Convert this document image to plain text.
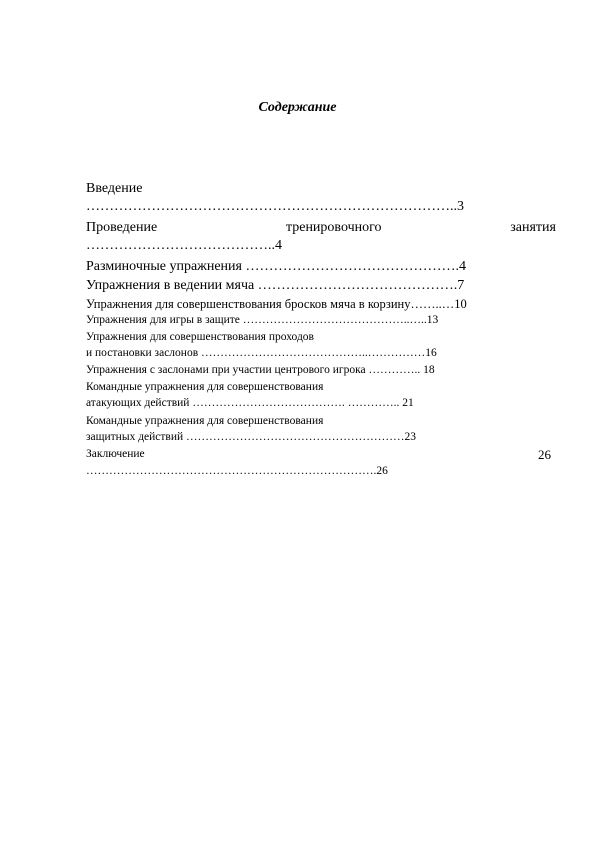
Содержание
Введение
……………………………………………………………………..3
Проведение	тренировочного	занятия
…………………………………..4
Разминочные упражнения ……………………………………….4
Упражнения в ведении мяча …………………………………….7
Упражнения для совершенствования бросков мяча в корзину……..…10
Упражнения для игры в защите ……………………………………..…..13
Упражнения для совершенствования проходов
и постановки заслонов ……………………………………..……………16
Упражнения с заслонами при участии центрового игрока ………….. 18
Командные упражнения для совершенствования
атакующих действий …………………………………. ………….. 21
Командные упражнения для совершенствования
защитных действий …………………………………………………23
Заключение	26
………………………………………………………………….26
